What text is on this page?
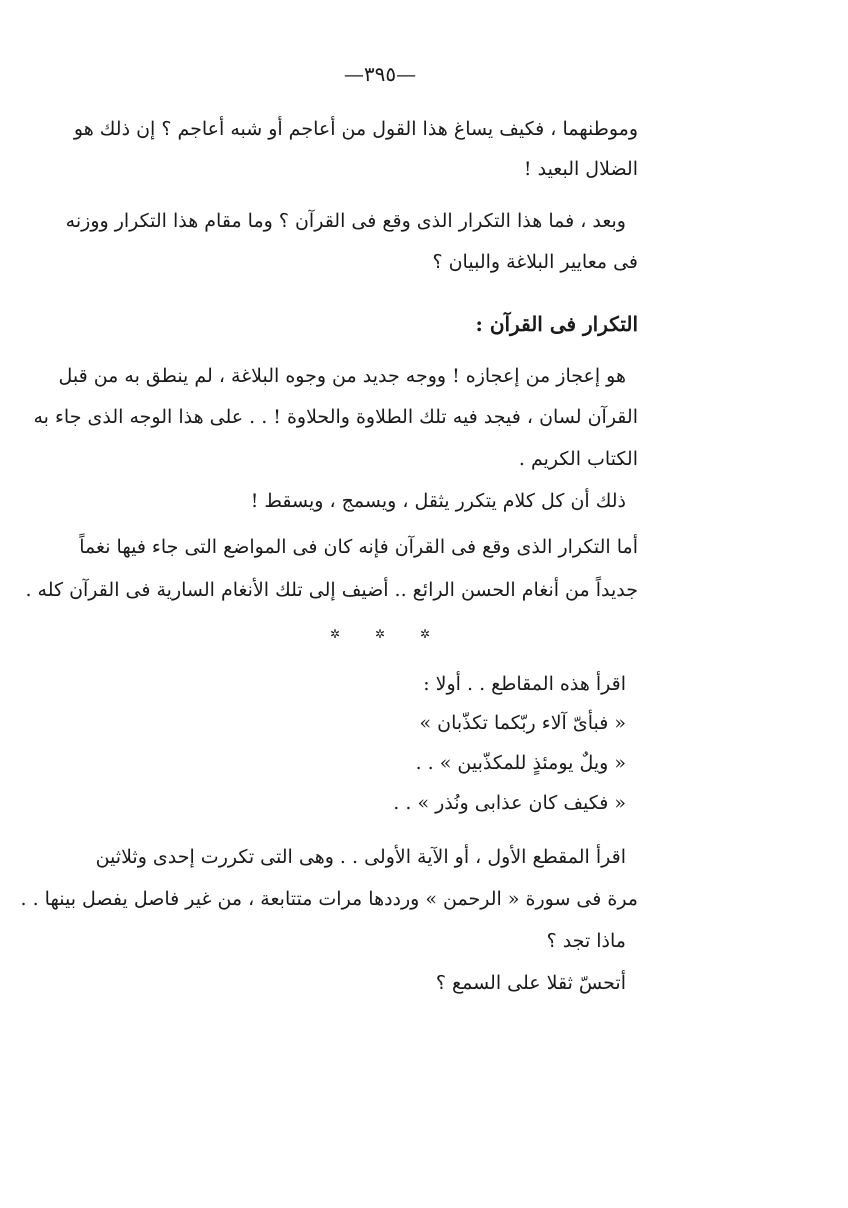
—٣٩٥—
وموطنهما ، فكيف يساغ هذا القول من أعاجم أو شبه أعاجم ؟ إن ذلك هو
الضلال البعيد !
وبعد ، فما هذا التكرار الذى وقع فى القرآن ؟ وما مقام هذا التكرار ووزنه
فى معايير البلاغة والبيان ؟
التكرار فى القرآن :
هو إعجاز من إعجازه ! ووجه جديد من وجوه البلاغة ، لم ينطق به من قبل
القرآن لسان ، فيجد فيه تلك الطلاوة والحلاوة ! . . على هذا الوجه الذى جاء به
الكتاب الكريم .
ذلك أن كل كلام يتكرر يثقل ، ويسمج ، ويسقط !
أما التكرار الذى وقع فى القرآن فإنه كان فى المواضع التى جاء فيها نغماً
جديداً من أنغام الحسن الرائع .. أضيف إلى تلك الأنغام السارية فى القرآن كله .
✲	✲	✲
اقرأ هذه المقاطع . . أولا :
« فبأىّ آلاء ربّكما تكذّبان »
« ويلٌ يومئذٍ للمكذّبين » . .
« فكيف كان عذابى ونُذر » . .
اقرأ المقطع الأول ، أو الآية الأولى . . وهى التى تكررت إحدى وثلاثين
مرة فى سورة « الرحمن » ورددها مرات متتابعة ، من غير فاصل يفصل بينها . .
ماذا تجد ؟
أتحسّ ثقلا على السمع ؟
